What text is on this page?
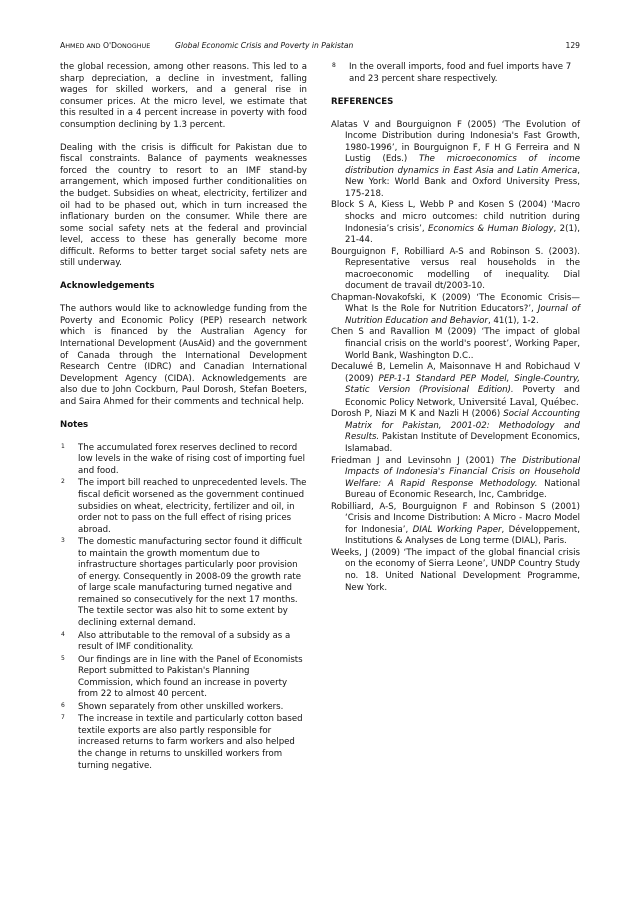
AHMED AND O'DONOGHUE	Global Economic Crisis and Poverty in Pakistan	129

the global recession, among other reasons. This led to a sharp depreciation, a decline in investment, falling wages for skilled workers, and a general rise in consumer prices. At the micro level, we estimate that this resulted in a 4 percent increase in poverty with food consumption declining by 1.3 percent.

Dealing with the crisis is difficult for Pakistan due to fiscal constraints. Balance of payments weaknesses forced the country to resort to an IMF stand-by arrangement, which imposed further conditionalities on the budget. Subsidies on wheat, electricity, fertilizer and oil had to be phased out, which in turn increased the inflationary burden on the consumer. While there are some social safety nets at the federal and provincial level, access to these has generally become more difficult. Reforms to better target social safety nets are still underway.

Acknowledgements

The authors would like to acknowledge funding from the Poverty and Economic Policy (PEP) research network which is financed by the Australian Agency for International Development (AusAid) and the government of Canada through the International Development Research Centre (IDRC) and Canadian International Development Agency (CIDA). Acknowledgements are also due to John Cockburn, Paul Dorosh, Stefan Boeters, and Saira Ahmed for their comments and technical help.

Notes

1 The accumulated forex reserves declined to record low levels in the wake of rising cost of importing fuel and food.
2 The import bill reached to unprecedented levels. The fiscal deficit worsened as the government continued subsidies on wheat, electricity, fertilizer and oil, in order not to pass on the full effect of rising prices abroad.
3 The domestic manufacturing sector found it difficult to maintain the growth momentum due to infrastructure shortages particularly poor provision of energy. Consequently in 2008-09 the growth rate of large scale manufacturing turned negative and remained so consecutively for the next 17 months. The textile sector was also hit to some extent by declining external demand.
4 Also attributable to the removal of a subsidy as a result of IMF conditionality.
5 Our findings are in line with the Panel of Economists Report submitted to Pakistan's Planning Commission, which found an increase in poverty from 22 to almost 40 percent.
6 Shown separately from other unskilled workers.
7 The increase in textile and particularly cotton based textile exports are also partly responsible for increased returns to farm workers and also helped the change in returns to unskilled workers from turning negative.
8 In the overall imports, food and fuel imports have 7 and 23 percent share respectively.

REFERENCES

Alatas V and Bourguignon F (2005) ‘The Evolution of Income Distribution during Indonesia's Fast Growth, 1980-1996’, in Bourguignon F, F H G Ferreira and N Lustig (Eds.) The microeconomics of income distribution dynamics in East Asia and Latin America, New York: World Bank and Oxford University Press, 175-218.
Block S A, Kiess L, Webb P and Kosen S (2004) ‘Macro shocks and micro outcomes: child nutrition during Indonesia’s crisis’, Economics & Human Biology, 2(1), 21-44.
Bourguignon F, Robilliard A-S and Robinson S. (2003). Representative versus real households in the macroeconomic modelling of inequality. Dial document de travail dt/2003-10.
Chapman-Novakofski, K (2009) ‘The Economic Crisis—What Is the Role for Nutrition Educators?’, Journal of Nutrition Education and Behavior, 41(1), 1-2.
Chen S and Ravallion M (2009) ‘The impact of global financial crisis on the world's poorest’, Working Paper, World Bank, Washington D.C..
Decaluwé B, Lemelin A, Maisonnave H and Robichaud V (2009) PEP-1-1 Standard PEP Model, Single-Country, Static Version (Provisional Edition). Poverty and Economic Policy Network, Université Laval, Québec.
Dorosh P, Niazi M K and Nazli H (2006) Social Accounting Matrix for Pakistan, 2001-02: Methodology and Results. Pakistan Institute of Development Economics, Islamabad.
Friedman J and Levinsohn J (2001) The Distributional Impacts of Indonesia's Financial Crisis on Household Welfare: A Rapid Response Methodology. National Bureau of Economic Research, Inc, Cambridge.
Robilliard, A-S, Bourguignon F and Robinson S (2001) ‘Crisis and Income Distribution: A Micro - Macro Model for Indonesia’, DIAL Working Paper, Développement, Institutions & Analyses de Long terme (DIAL), Paris.
Weeks, J (2009) ‘The impact of the global financial crisis on the economy of Sierra Leone’, UNDP Country Study no. 18. United National Development Programme, New York.
